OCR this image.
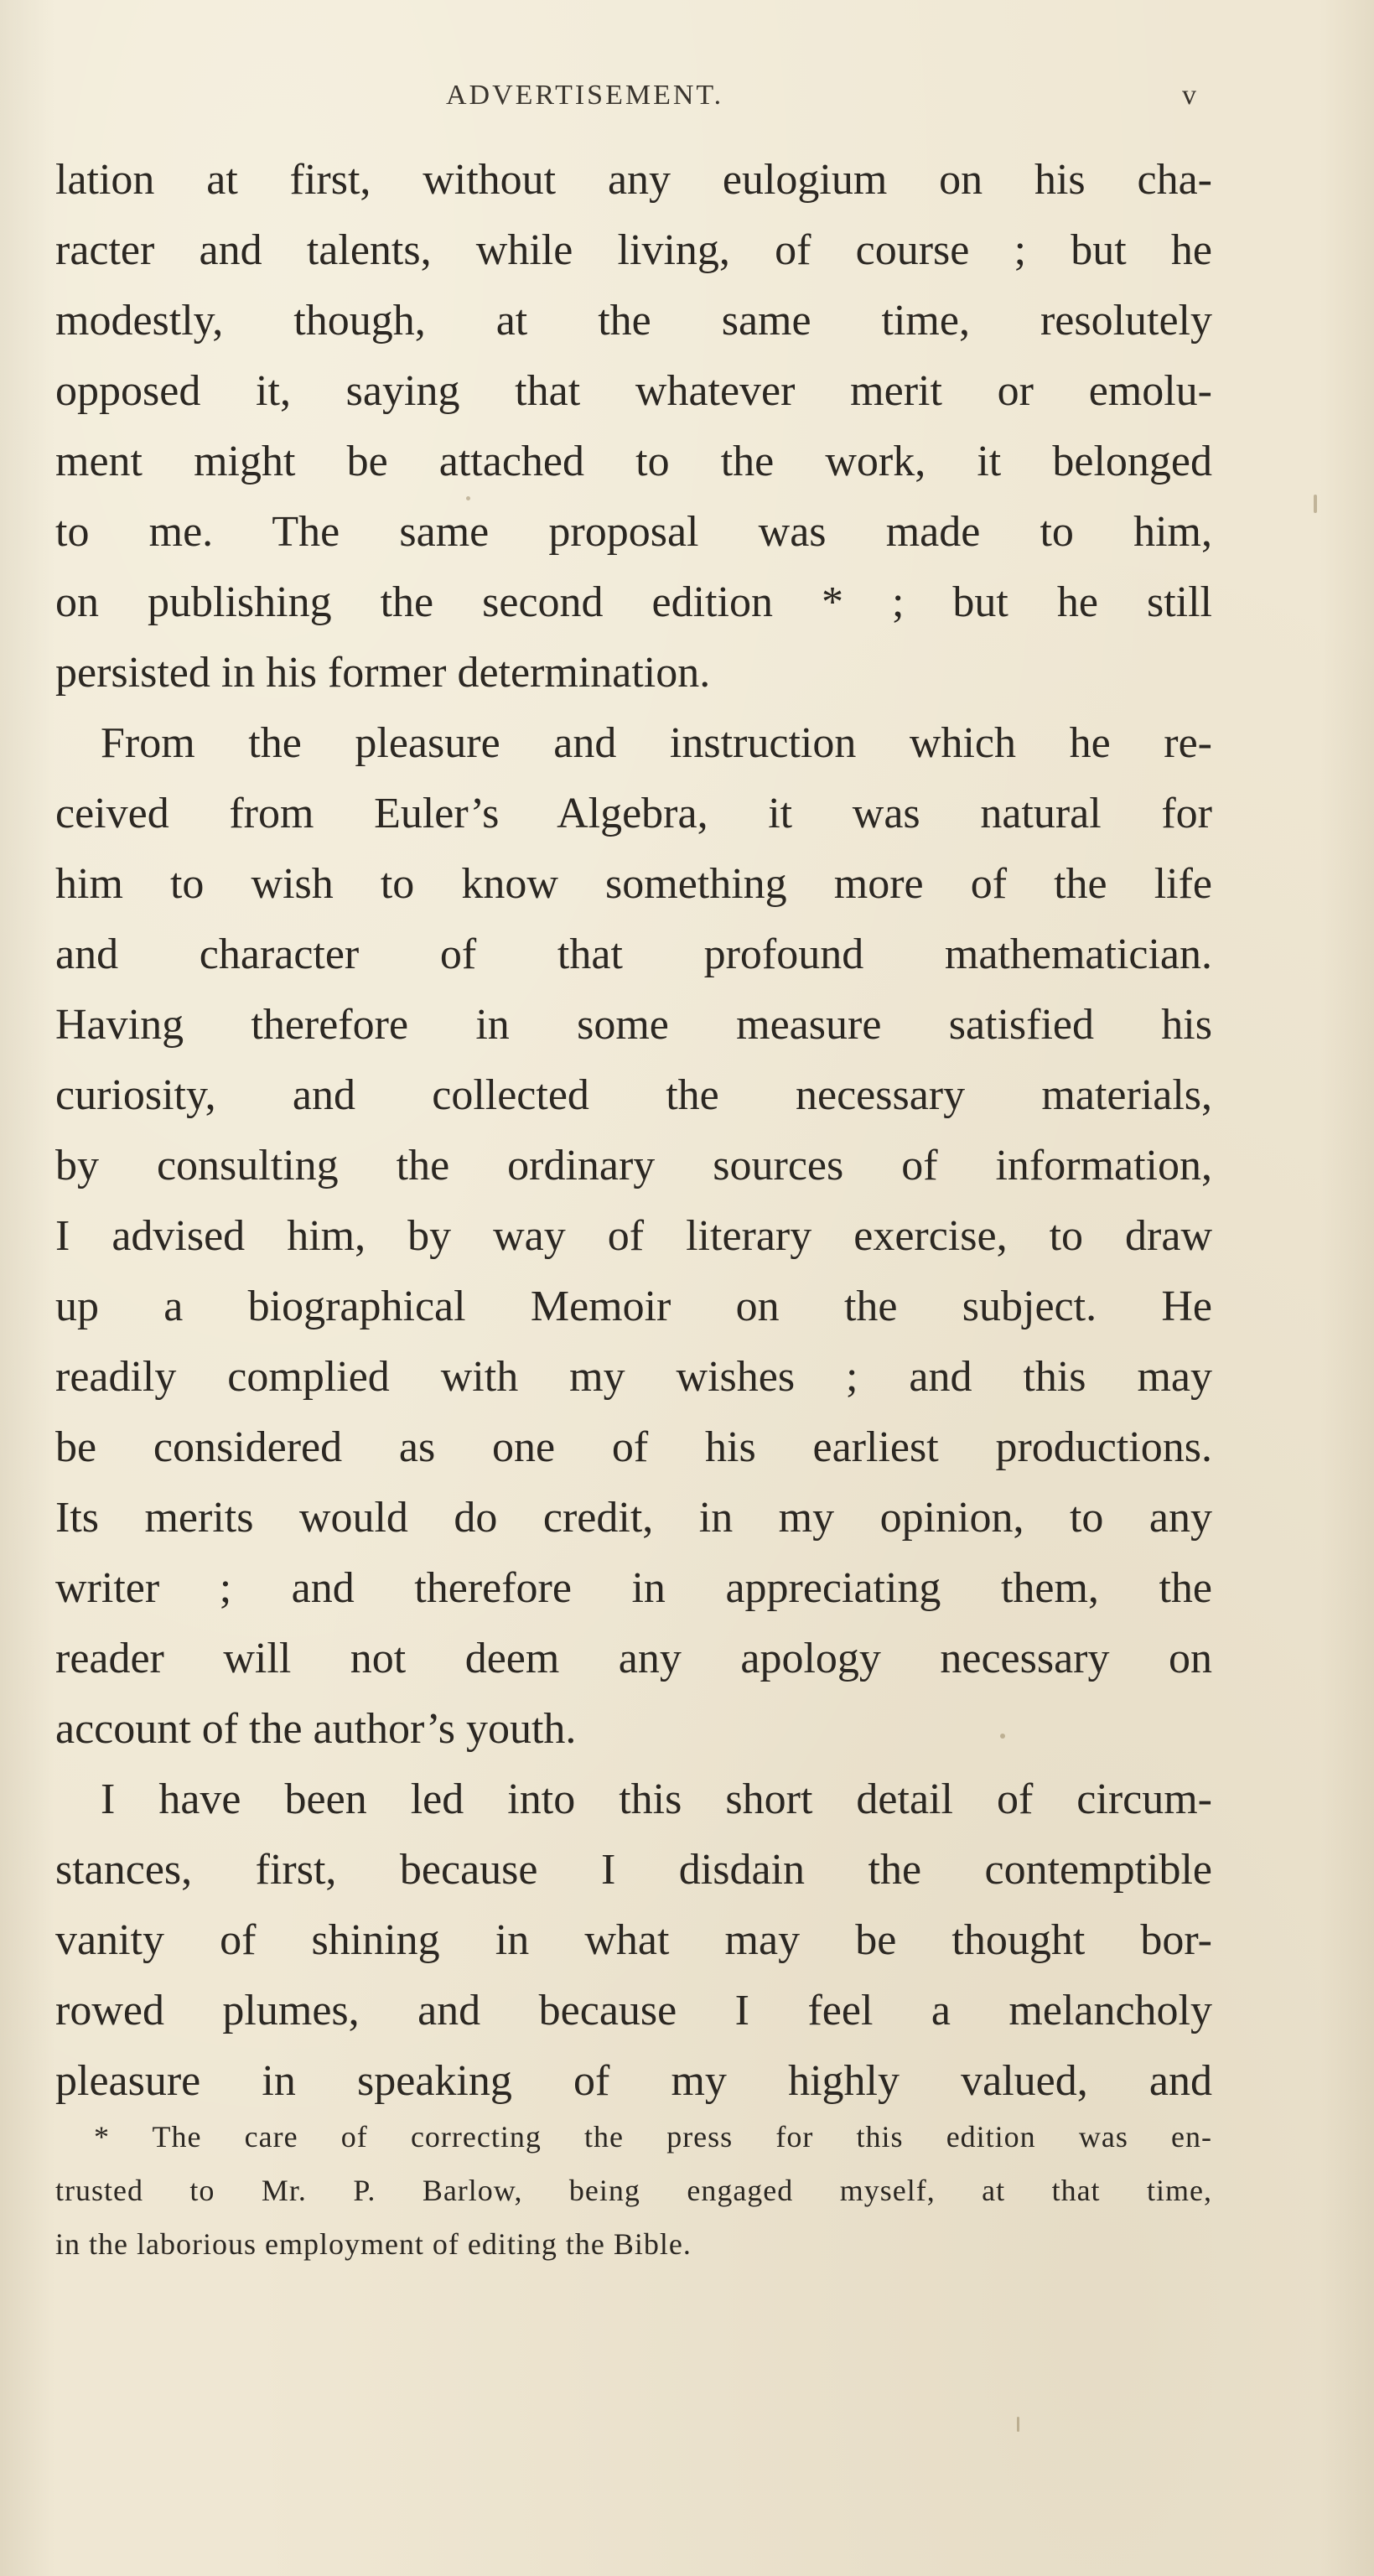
ADVERTISEMENT.	v
lation at first, without any eulogium on his cha-
racter and talents, while living, of course ; but he
modestly, though, at the same time, resolutely
opposed it, saying that whatever merit or emolu-
ment might be attached to the work, it belonged
to me. The same proposal was made to him,
on publishing the second edition * ; but he still
persisted in his former determination.
From the pleasure and instruction which he re-
ceived from Euler’s Algebra, it was natural for
him to wish to know something more of the life
and character of that profound mathematician.
Having therefore in some measure satisfied his
curiosity, and collected the necessary materials,
by consulting the ordinary sources of information,
I advised him, by way of literary exercise, to draw
up a biographical Memoir on the subject. He
readily complied with my wishes ; and this may
be considered as one of his earliest productions.
Its merits would do credit, in my opinion, to any
writer ; and therefore in appreciating them, the
reader will not deem any apology necessary on
account of the author’s youth.
I have been led into this short detail of circum-
stances, first, because I disdain the contemptible
vanity of shining in what may be thought bor-
rowed plumes, and because I feel a melancholy
pleasure in speaking of my highly valued, and
* The care of correcting the press for this edition was en-
trusted to Mr. P. Barlow, being engaged myself, at that time,
in the laborious employment of editing the Bible.
